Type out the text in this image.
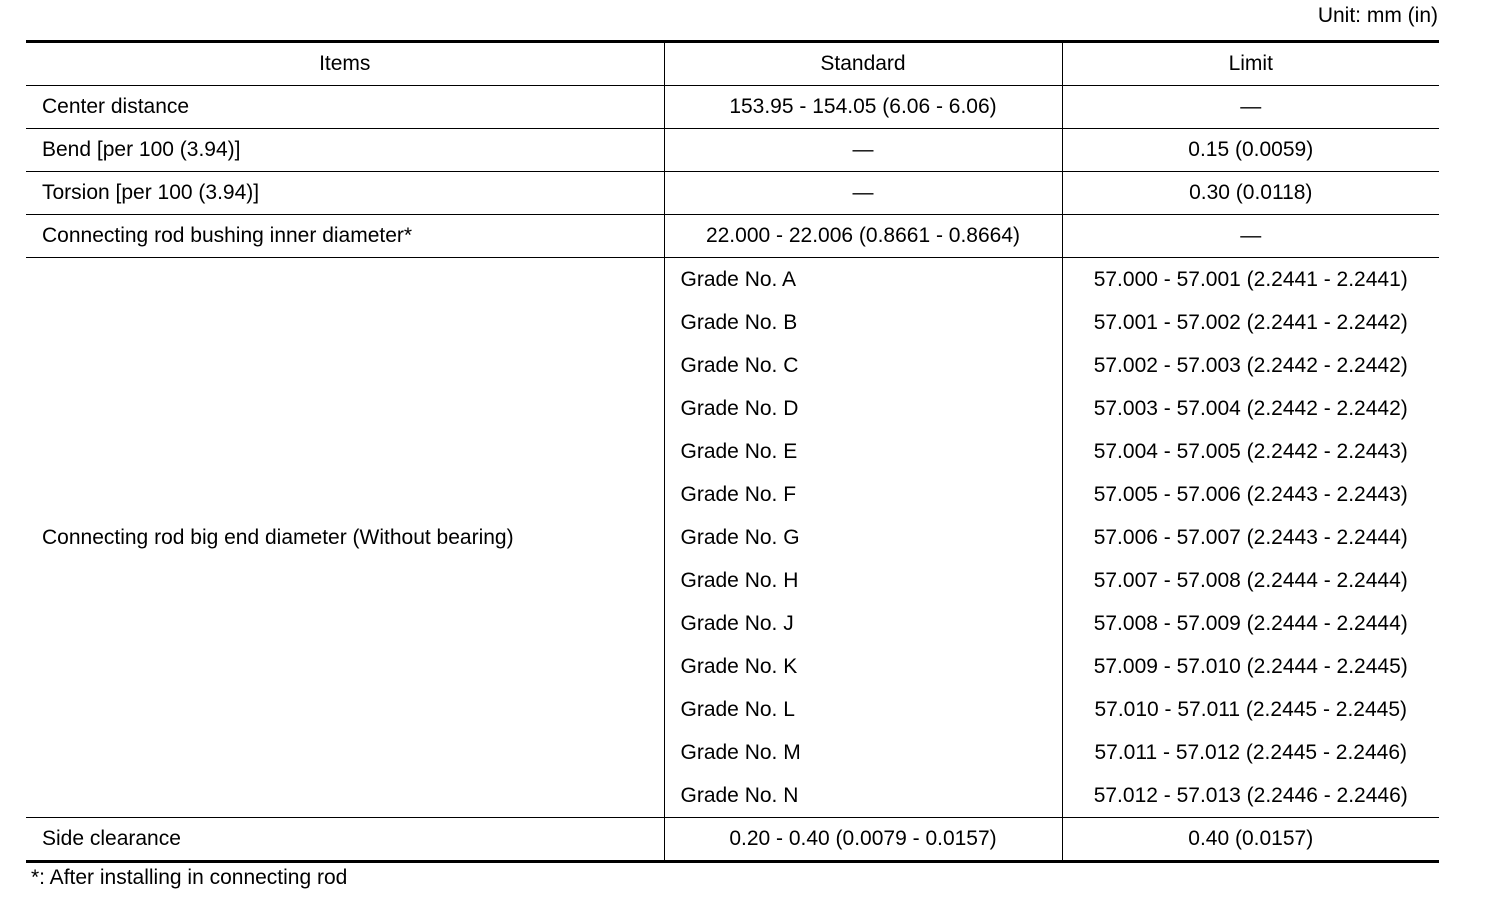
Unit: mm (in)
Items	Standard	Limit
Center distance	153.95 - 154.05 (6.06 - 6.06)	—
Bend [per 100 (3.94)]	—	0.15 (0.0059)
Torsion [per 100 (3.94)]	—	0.30 (0.0118)
Connecting rod bushing inner diameter*	22.000 - 22.006 (0.8661 - 0.8664)	—
Connecting rod big end diameter (Without bearing)	Grade No. A	57.000 - 57.001 (2.2441 - 2.2441)
	Grade No. B	57.001 - 57.002 (2.2441 - 2.2442)
	Grade No. C	57.002 - 57.003 (2.2442 - 2.2442)
	Grade No. D	57.003 - 57.004 (2.2442 - 2.2442)
	Grade No. E	57.004 - 57.005 (2.2442 - 2.2443)
	Grade No. F	57.005 - 57.006 (2.2443 - 2.2443)
	Grade No. G	57.006 - 57.007 (2.2443 - 2.2444)
	Grade No. H	57.007 - 57.008 (2.2444 - 2.2444)
	Grade No. J	57.008 - 57.009 (2.2444 - 2.2444)
	Grade No. K	57.009 - 57.010 (2.2444 - 2.2445)
	Grade No. L	57.010 - 57.011 (2.2445 - 2.2445)
	Grade No. M	57.011 - 57.012 (2.2445 - 2.2446)
	Grade No. N	57.012 - 57.013 (2.2446 - 2.2446)
Side clearance	0.20 - 0.40 (0.0079 - 0.0157)	0.40 (0.0157)
*: After installing in connecting rod
